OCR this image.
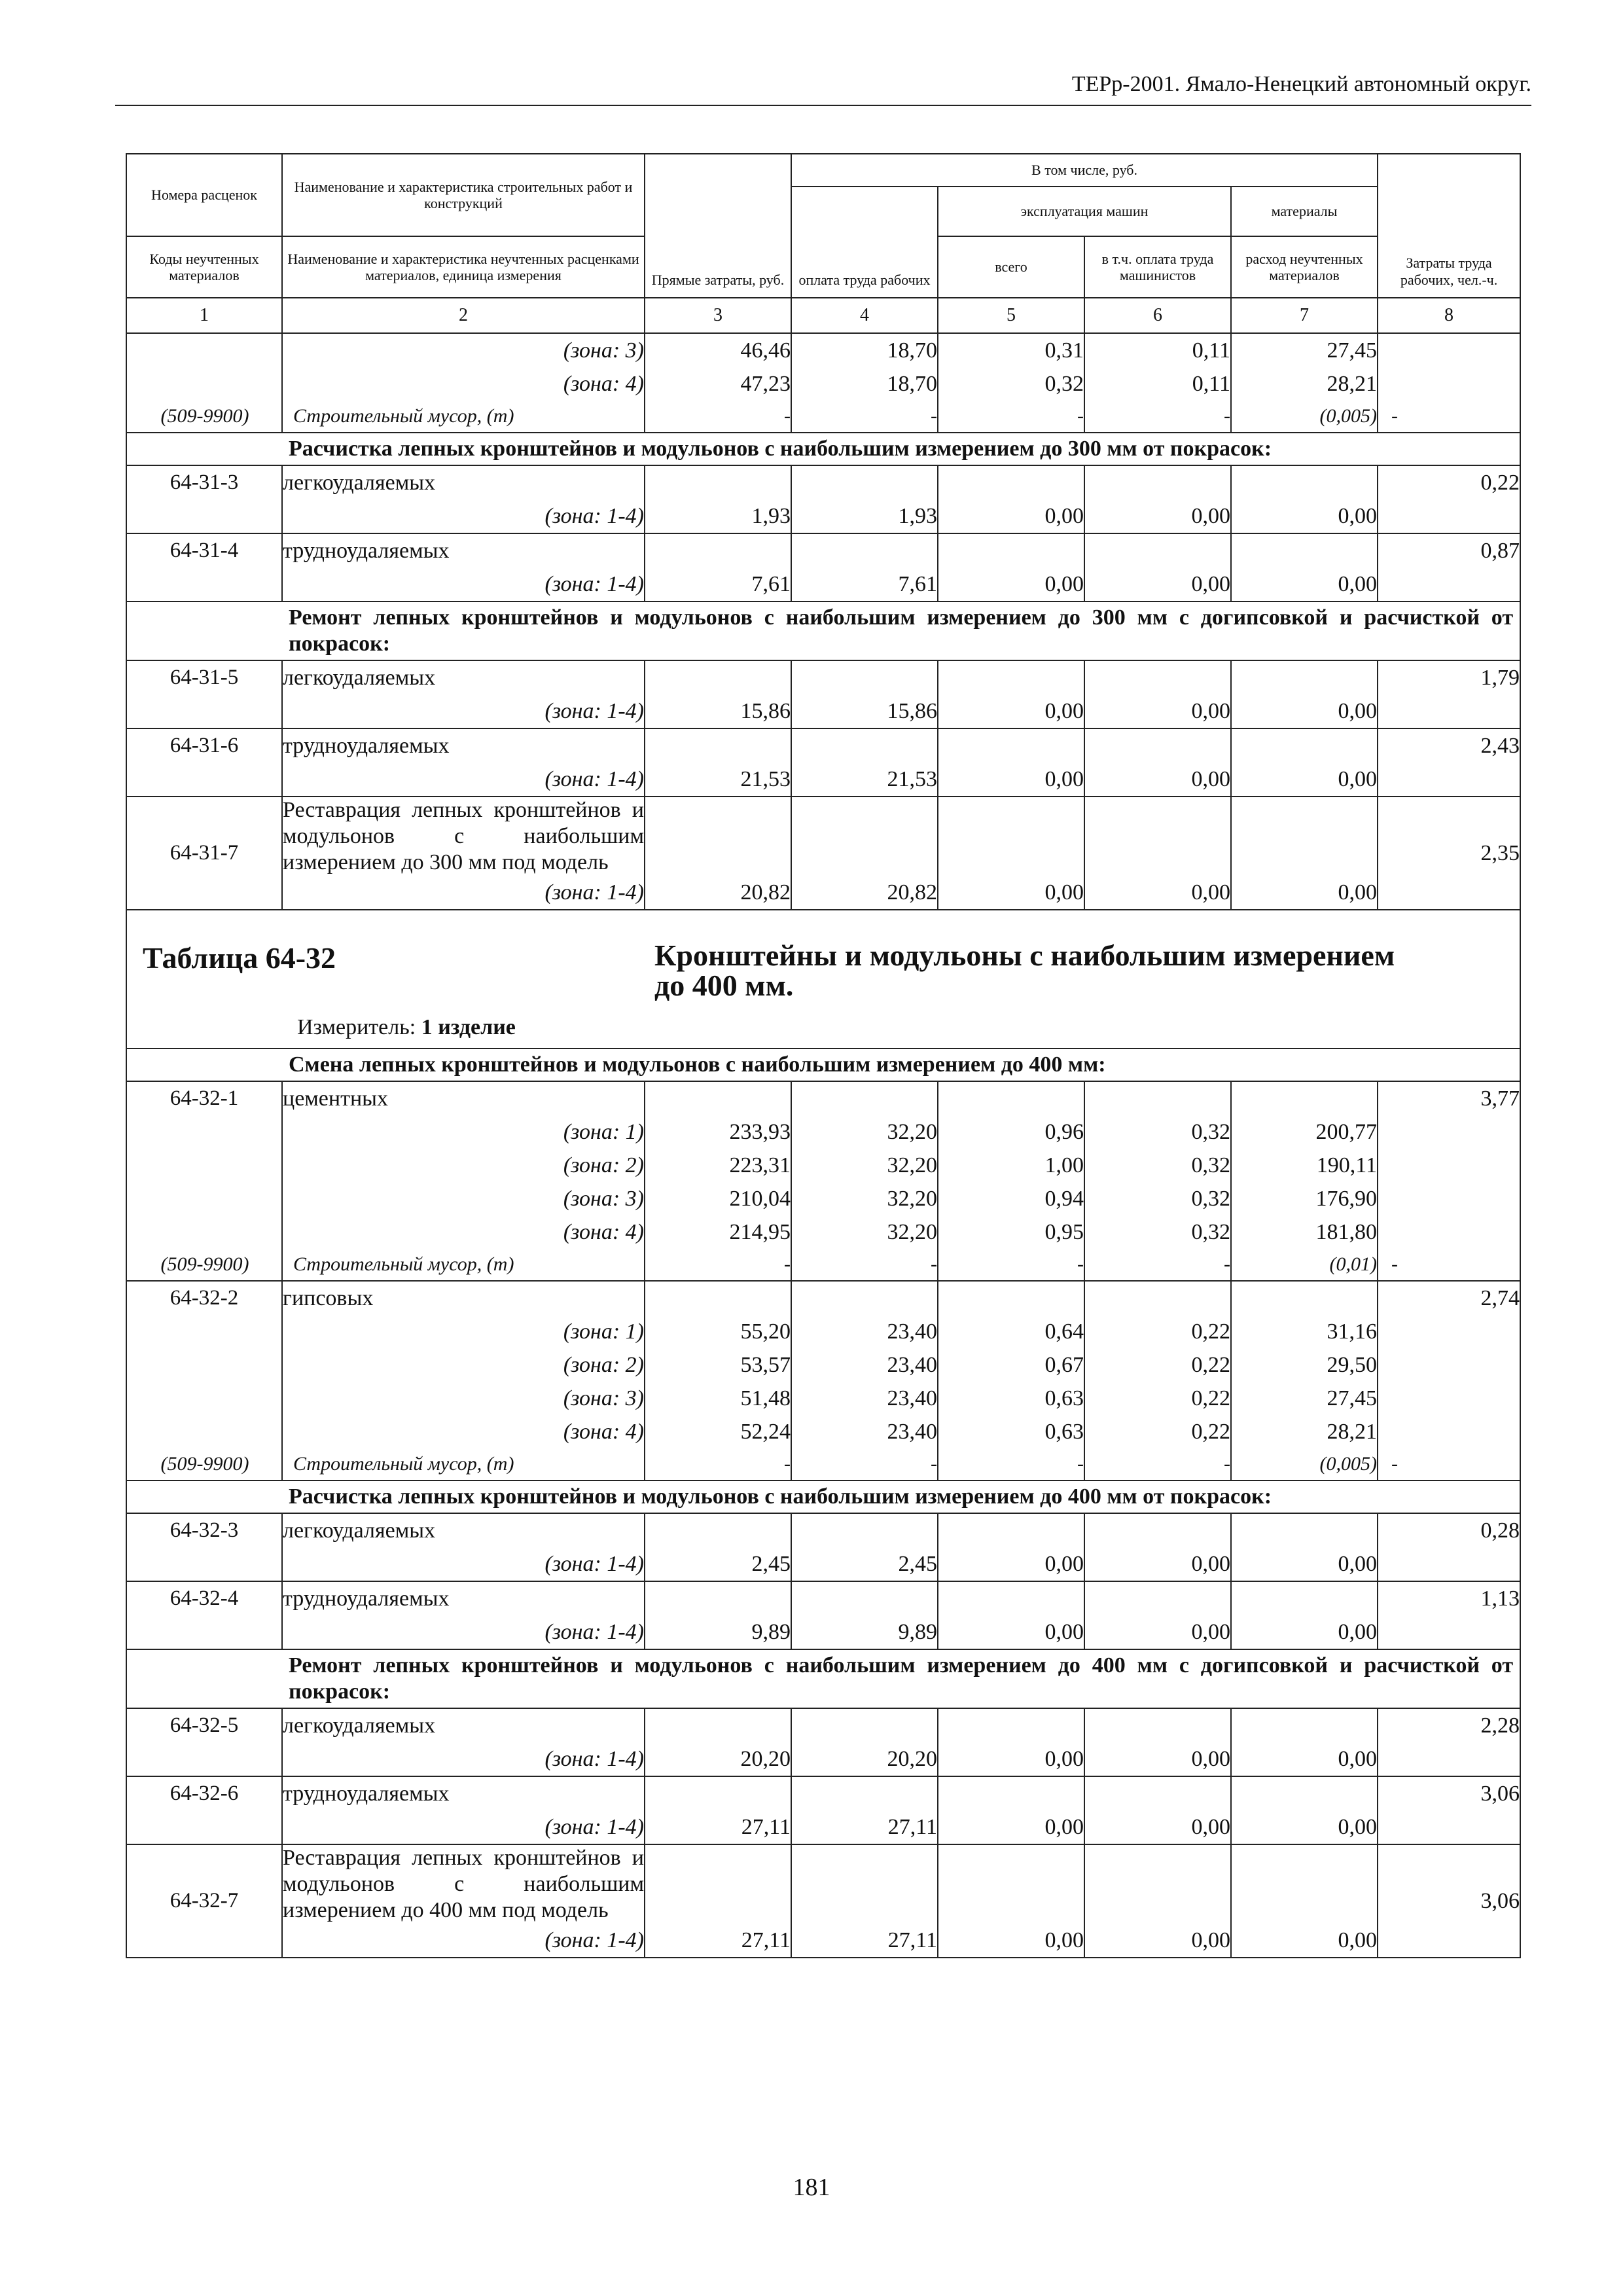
ТЕРр-2001. Ямало-Ненецкий автономный округ.
Номера расценок	Наименование и характеристика строительных работ и конструкций	Прямые затраты, руб.	В том числе, руб.				Затраты труда рабочих, чел.-ч.
			оплата труда рабочих	эксплуатация машин		материалы	
Коды неучтенных материалов	Наименование и характеристика неучтенных расценками материалов, единица измерения			всего	в т.ч. оплата труда машинистов	расход неучтенных материалов	
1	2	3	4	5	6	7	8
	(зона: 3)	46,46	18,70	0,31	0,11	27,45	
	(зона: 4)	47,23	18,70	0,32	0,11	28,21	

	(509-9900) Строительный мусор, (т)	-	-	-	-	(0,005)	-
	Расчистка лепных кронштейнов и модульонов с наибольшим измерением до 300 мм от покрасок:						
64-31-3	легкоудаляемых						0,22
	(зона: 1-4)	1,93	1,93	0,00	0,00	0,00	
64-31-4	трудноудаляемых						0,87
	(зона: 1-4)	7,61	7,61	0,00	0,00	0,00	
	Ремонт лепных кронштейнов и модульонов с наибольшим измерением до 300 мм с догипсовкой и расчисткой от покрасок:						
64-31-5	легкоудаляемых						1,79
	(зона: 1-4)	15,86	15,86	0,00	0,00	0,00	
64-31-6	трудноудаляемых						2,43
	(зона: 1-4)	21,53	21,53	0,00	0,00	0,00	
64-31-7	Реставрация лепных кронштейнов и модульонов с наибольшим измерением до 300 мм под модель						2,35
	(зона: 1-4)	20,82	20,82	0,00	0,00	0,00	

Таблица 64-32 Кронштейны и модульоны с наибольшим измерением до 400 мм.
Измеритель: 1 изделие							

	Смена лепных кронштейнов и модульонов с наибольшим измерением до 400 мм:						
64-32-1	цементных						3,77
	(зона: 1)	233,93	32,20	0,96	0,32	200,77	
	(зона: 2)	223,31	32,20	1,00	0,32	190,11	
	(зона: 3)	210,04	32,20	0,94	0,32	176,90	
	(зона: 4)	214,95	32,20	0,95	0,32	181,80	

	(509-9900) Строительный мусор, (т)	-	-	-	-	(0,01)	-
64-32-2	гипсовых						2,74
	(зона: 1)	55,20	23,40	0,64	0,22	31,16	
	(зона: 2)	53,57	23,40	0,67	0,22	29,50	
	(зона: 3)	51,48	23,40	0,63	0,22	27,45	
	(зона: 4)	52,24	23,40	0,63	0,22	28,21	

	(509-9900) Строительный мусор, (т)	-	-	-	-	(0,005)	-
	Расчистка лепных кронштейнов и модульонов с наибольшим измерением до 400 мм от покрасок:						
64-32-3	легкоудаляемых						0,28
	(зона: 1-4)	2,45	2,45	0,00	0,00	0,00	
64-32-4	трудноудаляемых						1,13
	(зона: 1-4)	9,89	9,89	0,00	0,00	0,00	
	Ремонт лепных кронштейнов и модульонов с наибольшим измерением до 400 мм с догипсовкой и расчисткой от покрасок:						
64-32-5	легкоудаляемых						2,28
	(зона: 1-4)	20,20	20,20	0,00	0,00	0,00	
64-32-6	трудноудаляемых						3,06
	(зона: 1-4)	27,11	27,11	0,00	0,00	0,00	
64-32-7	Реставрация лепных кронштейнов и модульонов с наибольшим измерением до 400 мм под модель						3,06
	(зона: 1-4)	27,11	27,11	0,00	0,00	0,00	
181
